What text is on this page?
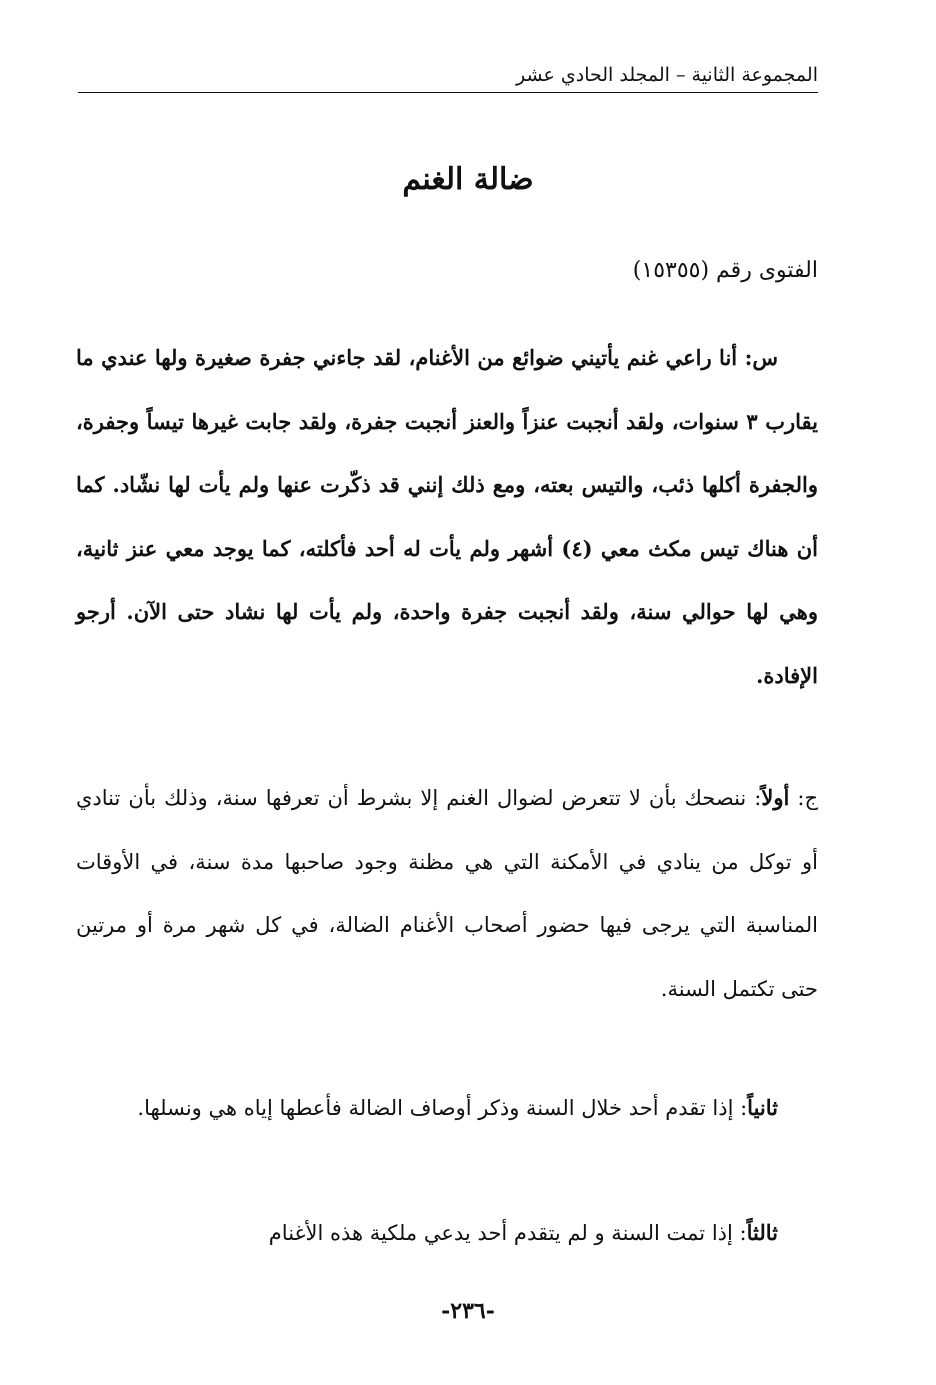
المجموعة الثانية – المجلد الحادي عشر
ضالة الغنم
الفتوى رقم (١٥٣٥٥)

س: أنا راعي غنم يأتيني ضوائع من الأغنام، لقد جاءني جفرة صغيرة ولها عندي ما يقارب ٣ سنوات، ولقد أنجبت عنزاً والعنز أنجبت جفرة، ولقد جابت غيرها تيساً وجفرة، والجفرة أكلها ذئب، والتيس بعته، ومع ذلك إنني قد ذكّرت عنها ولم يأت لها نشّاد. كما أن هناك تيس مكث معي (٤) أشهر ولم يأت له أحد فأكلته، كما يوجد معي عنز ثانية، وهي لها حوالي سنة، ولقد أنجبت جفرة واحدة، ولم يأت لها نشاد حتى الآن. أرجو الإفادة.

ج: أولاً: ننصحك بأن لا تتعرض لضوال الغنم إلا بشرط أن تعرفها سنة، وذلك بأن تنادي أو توكل من ينادي في الأمكنة التي هي مظنة وجود صاحبها مدة سنة، في الأوقات المناسبة التي يرجى فيها حضور أصحاب الأغنام الضالة، في كل شهر مرة أو مرتين حتى تكتمل السنة.

ثانياً: إذا تقدم أحد خلال السنة وذكر أوصاف الضالة فأعطها إياه هي ونسلها.

ثالثاً: إذا تمت السنة و لم يتقدم أحد يدعي ملكية هذه الأغنام

-٢٣٦-
